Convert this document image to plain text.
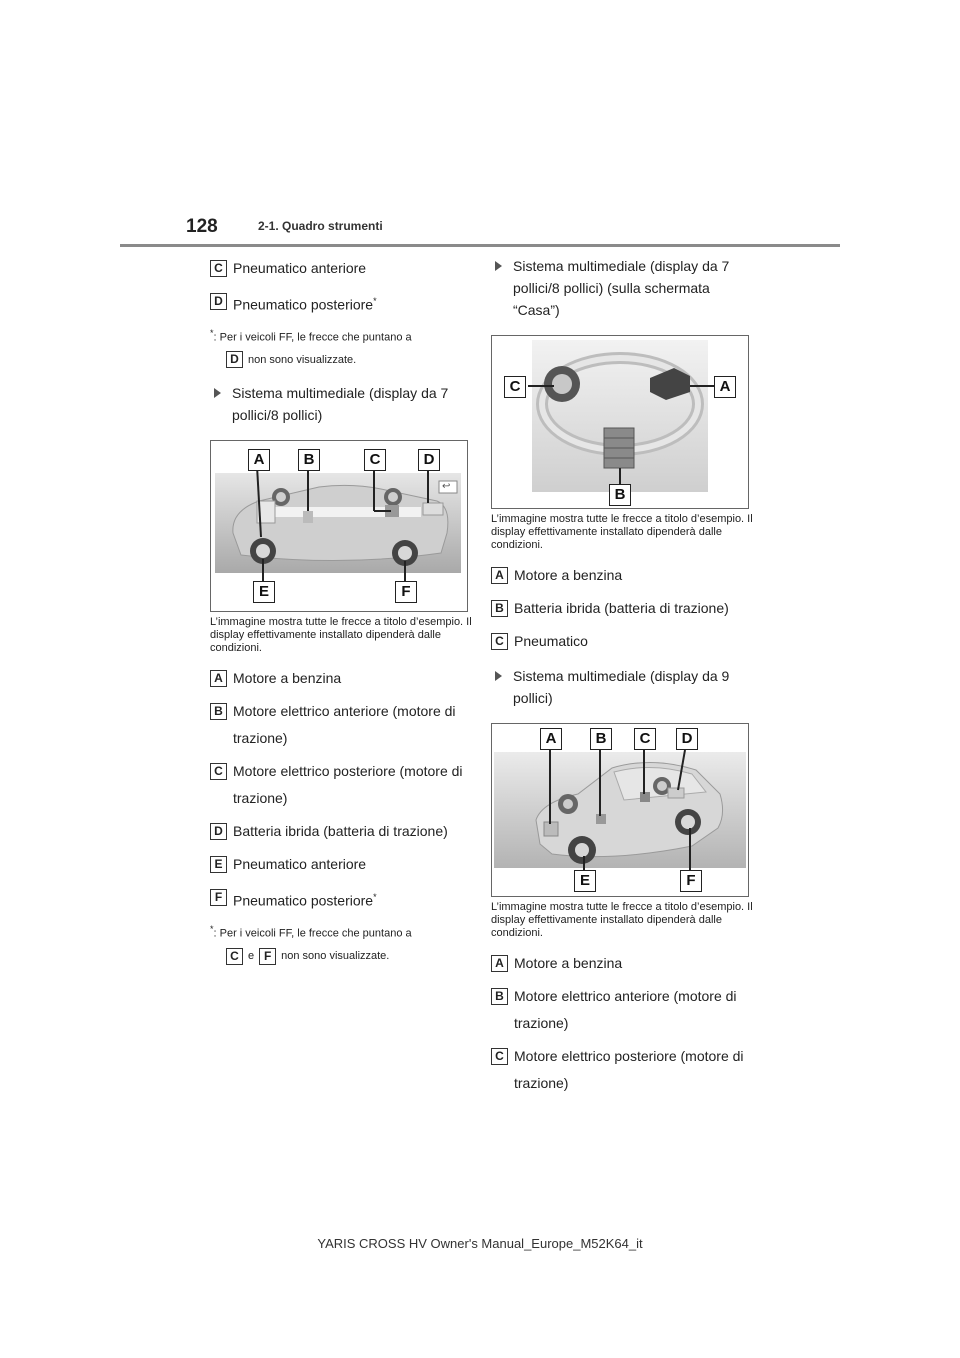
128	2-1. Quadro strumenti
C Pneumatico anteriore
D Pneumatico posteriore*
*: Per i veicoli FF, le frecce che puntano a
D non sono visualizzate.
Sistema multimediale (display da 7 pollici/8 pollici)
A	B	C	D
E	F
↩
L’immagine mostra tutte le frecce a titolo d’esempio. Il display effettivamente installato dipenderà dalle condizioni.
A Motore a benzina
B Motore elettrico anteriore (motore di trazione)
C Motore elettrico posteriore (motore di trazione)
D Batteria ibrida (batteria di trazione)
E Pneumatico anteriore
F Pneumatico posteriore*
*: Per i veicoli FF, le frecce che puntano a
C e F non sono visualizzate.
Sistema multimediale (display da 7 pollici/8 pollici) (sulla schermata “Casa”)
C	A
B
L’immagine mostra tutte le frecce a titolo d’esempio. Il display effettivamente installato dipenderà dalle condizioni.
A Motore a benzina
B Batteria ibrida (batteria di trazione)
C Pneumatico
Sistema multimediale (display da 9 pollici)
A	B	C	D
E	F
L’immagine mostra tutte le frecce a titolo d’esempio. Il display effettivamente installato dipenderà dalle condizioni.
A Motore a benzina
B Motore elettrico anteriore (motore di trazione)
C Motore elettrico posteriore (motore di trazione)
YARIS CROSS HV Owner's Manual_Europe_M52K64_it
